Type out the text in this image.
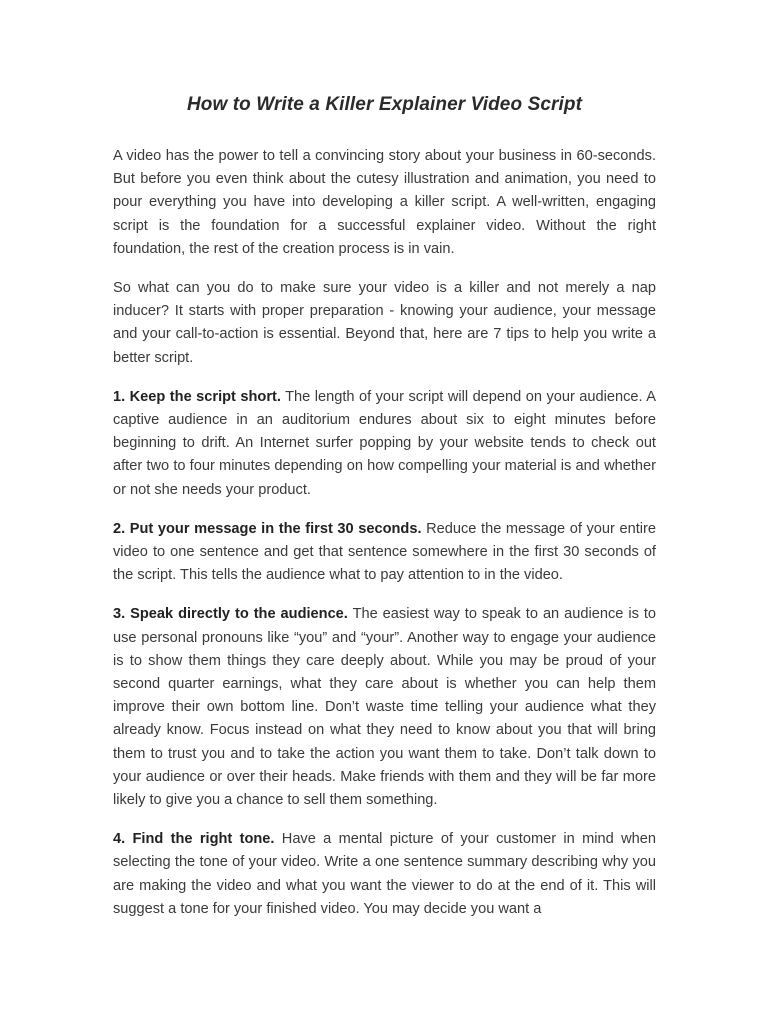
How to Write a Killer Explainer Video Script

A video has the power to tell a convincing story about your business in 60-seconds. But before you even think about the cutesy illustration and animation, you need to pour everything you have into developing a killer script. A well-written, engaging script is the foundation for a successful explainer video. Without the right foundation, the rest of the creation process is in vain.

So what can you do to make sure your video is a killer and not merely a nap inducer? It starts with proper preparation - knowing your audience, your message and your call-to-action is essential. Beyond that, here are 7 tips to help you write a better script.

1. Keep the script short. The length of your script will depend on your audience. A captive audience in an auditorium endures about six to eight minutes before beginning to drift. An Internet surfer popping by your website tends to check out after two to four minutes depending on how compelling your material is and whether or not she needs your product.

2. Put your message in the first 30 seconds. Reduce the message of your entire video to one sentence and get that sentence somewhere in the first 30 seconds of the script. This tells the audience what to pay attention to in the video.

3. Speak directly to the audience. The easiest way to speak to an audience is to use personal pronouns like “you” and “your”. Another way to engage your audience is to show them things they care deeply about. While you may be proud of your second quarter earnings, what they care about is whether you can help them improve their own bottom line. Don’t waste time telling your audience what they already know. Focus instead on what they need to know about you that will bring them to trust you and to take the action you want them to take. Don’t talk down to your audience or over their heads. Make friends with them and they will be far more likely to give you a chance to sell them something.

4. Find the right tone. Have a mental picture of your customer in mind when selecting the tone of your video. Write a one sentence summary describing why you are making the video and what you want the viewer to do at the end of it. This will suggest a tone for your finished video. You may decide you want a
